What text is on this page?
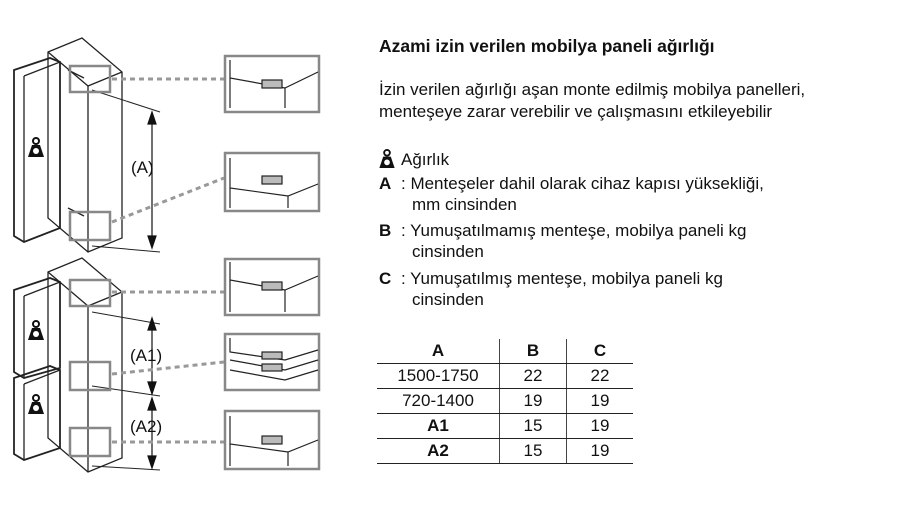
(A)
(A1)
(A2)
Azami izin verilen mobilya paneli ağırlığı
İzin verilen ağırlığı aşan monte edilmiş mobilya panelleri, menteşeye zarar verebilir ve çalışmasını etkileyebilir
Ağırlık
A : Menteşeler dahil olarak cihaz kapısı yüksekliği,
mm cinsinden
B : Yumuşatılmamış menteşe, mobilya paneli kg
cinsinden
C : Yumuşatılmış menteşe, mobilya paneli kg
cinsinden
A	B	C
1500-1750	22	22
720-1400	19	19
A1	15	19
A2	15	19
